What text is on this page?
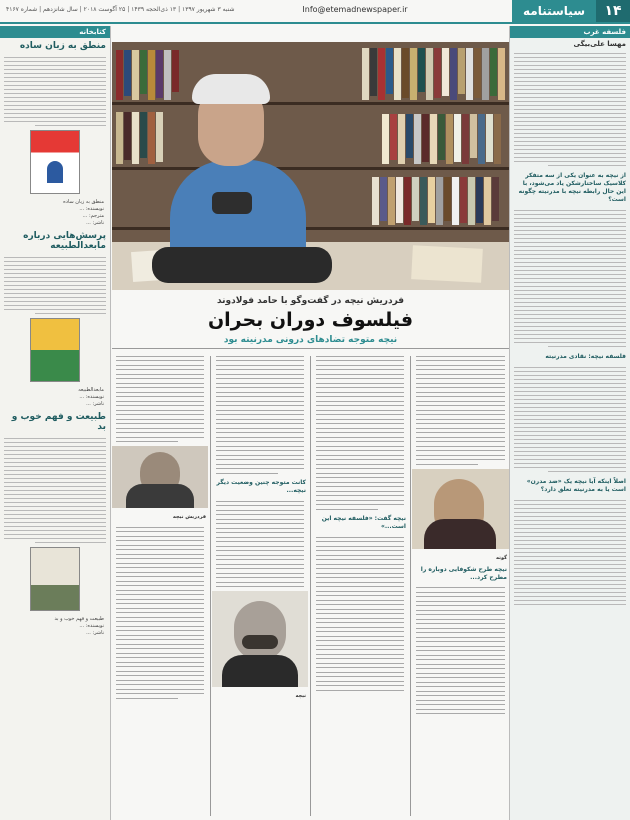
۱۴
سیاستنامه
Info@etemadnewspaper.ir
شنبه ۳ شهریور ۱۳۹۷ | ۱۳ ذی‌الحجه ۱۴۳۹ | ۲۵ آگوست ۲۰۱۸ | سال شانزدهم | شماره ۴۱۶۷
فلسفه غرب
مهسا علی‌بیگی
از نیچه به عنوان یکی از سه متفکر کلاسیک ساختارشکن یاد می‌شود، با این حال رابطه نیچه با مدرنیته چگونه است؟
فلسفه نیچه: نقادی مدرنیته
اصلاً اینکه آیا نیچه یک «ضد مدرن» است یا به مدرنیته تعلق دارد؟
کتابخانه
منطق به زبان ساده
منطق به زبان ساده
نویسنده: ...
مترجم: ...
ناشر: ...
پرسش‌هایی درباره مابعدالطبیعه
مابعدالطبیعه
نویسنده: ...
ناشر: ...
طبیعت و فهم خوب و بد
طبیعت و فهم خوب و بد
نویسنده: ...
ناشر: ...
فردریش نیچه در گفت‌وگو با حامد فولادوند
فیلسوف دوران بحران
نیچه متوجه تضادهای درونی مدرنیته بود
گوته
نیچه طرح شکوفایی دوباره را مطرح کرد...
نیچه گفت: «فلسفه نیچه این است...»
کانت متوجه چنین وضعیت دیگر نیچه...
نیچه
فردریش نیچه
